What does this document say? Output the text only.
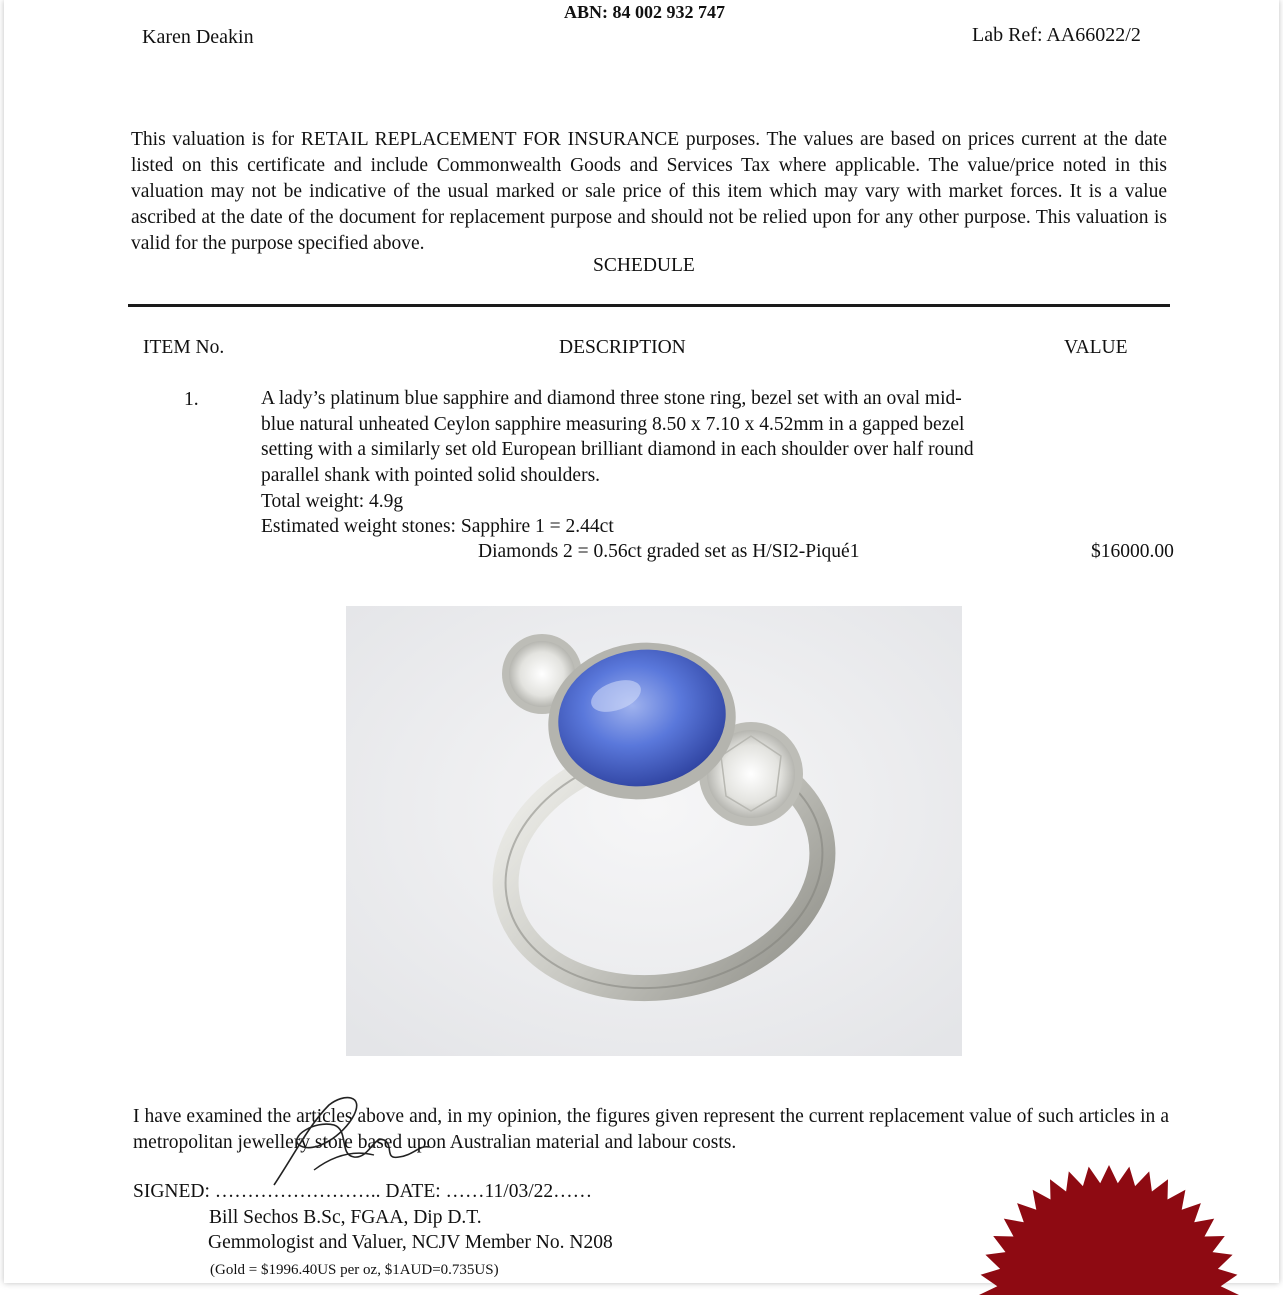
ABN: 84 002 932 747
Karen Deakin	Lab Ref: AA66022/2

This valuation is for RETAIL REPLACEMENT FOR INSURANCE purposes. The values are based on prices current at the date listed on this certificate and include Commonwealth Goods and Services Tax where applicable. The value/price noted in this valuation may not be indicative of the usual marked or sale price of this item which may vary with market forces. It is a value ascribed at the date of the document for replacement purpose and should not be relied upon for any other purpose. This valuation is valid for the purpose specified above.

SCHEDULE
ITEM No.	DESCRIPTION	VALUE
1.	A lady’s platinum blue sapphire and diamond three stone ring, bezel set with an oval mid-blue natural unheated Ceylon sapphire measuring 8.50 x 7.10 x 4.52mm in a gapped bezel setting with a similarly set old European brilliant diamond in each shoulder over half round parallel shank with pointed solid shoulders.

Total weight: 4.9g

Estimated weight stones: Sapphire 1 = 2.44ct
Diamonds 2 = 0.56ct graded set as H/SI2-Piqué1	$16000.00
I have examined the articles above and, in my opinion, the figures given represent the current replacement value of such articles in a metropolitan jewellery store based upon Australian material and labour costs.
SIGNED: …………………….. DATE: ……11/03/22……
Bill Sechos B.Sc, FGAA, Dip D.T.
Gemmologist and Valuer, NCJV Member No. N208
(Gold = $1996.40US per oz, $1AUD=0.735US)
